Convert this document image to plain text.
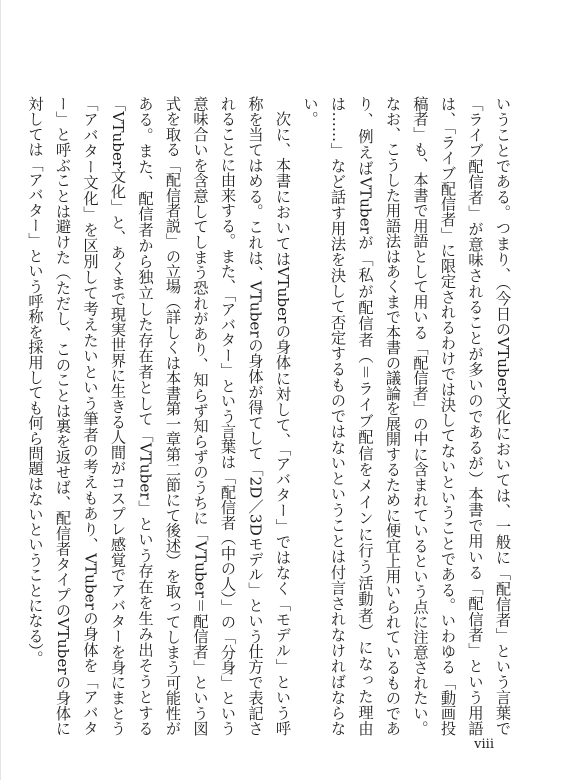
いうことである。つまり、（今日のVTuber文化においては、一般に「配信者」という言葉で「ライブ配信者」が意味されることが多いのであるが）本書で用いる「配信者」という用語は、「ライブ配信者」に限定されるわけでは決してないということである。いわゆる「動画投稿者」も、本書で用語として用いる「配信者」の中に含まれているという点に注意されたい。なお、こうした用語法はあくまで本書の議論を展開するために便宜上用いられているものであり、例えばVTuberが「私が配信者（＝ライブ配信をメインに行う活動者）になった理由は……」など話す用法を決して否定するものではないということは付言されなければならない。

次に、本書においてはVTuberの身体に対して、「アバター」ではなく「モデル」という呼称を当てはめる。これは、VTuberの身体が得てして「2D／3Dモデル」という仕方で表記されることに由来する。また、「アバター」という言葉は「配信者（中の人）」の「分身」という意味合いを含意してしまう恐れがあり、知らず知らずのうちに「VTuber＝配信者」という図式を取る「配信者説」の立場（詳しくは本書第一章第二節にて後述）を取ってしまう可能性がある。また、配信者から独立した存在者として「VTuber」という存在を生み出そうとする「VTuber文化」と、あくまで現実世界に生きる人間がコスプレ感覚でアバターを身にまとう「アバター文化」を区別して考えたいという筆者の考えもあり、VTuberの身体を「アバター」と呼ぶことは避けた（ただし、このことは裏を返せば、配信者タイプのVTuberの身体に対しては「アバター」という呼称を採用しても何ら問題はないということになる）。

viii
